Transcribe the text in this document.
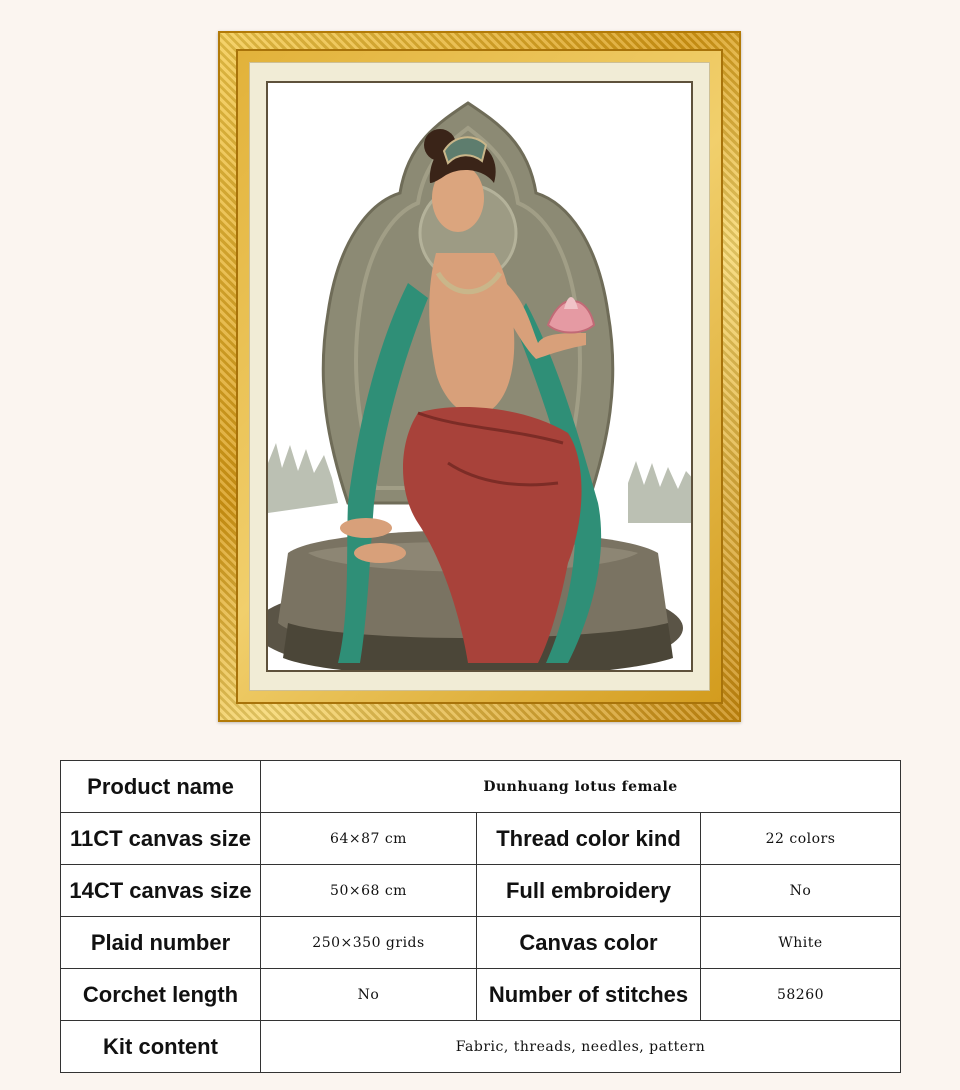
Product name	Dunhuang lotus female		
11CT canvas size	64×87 cm	Thread color kind	22 colors
14CT canvas size	50×68 cm	Full embroidery	No
Plaid number	250×350 grids	Canvas color	White
Corchet length	No	Number of stitches	58260
Kit content	Fabric, threads, needles, pattern		
